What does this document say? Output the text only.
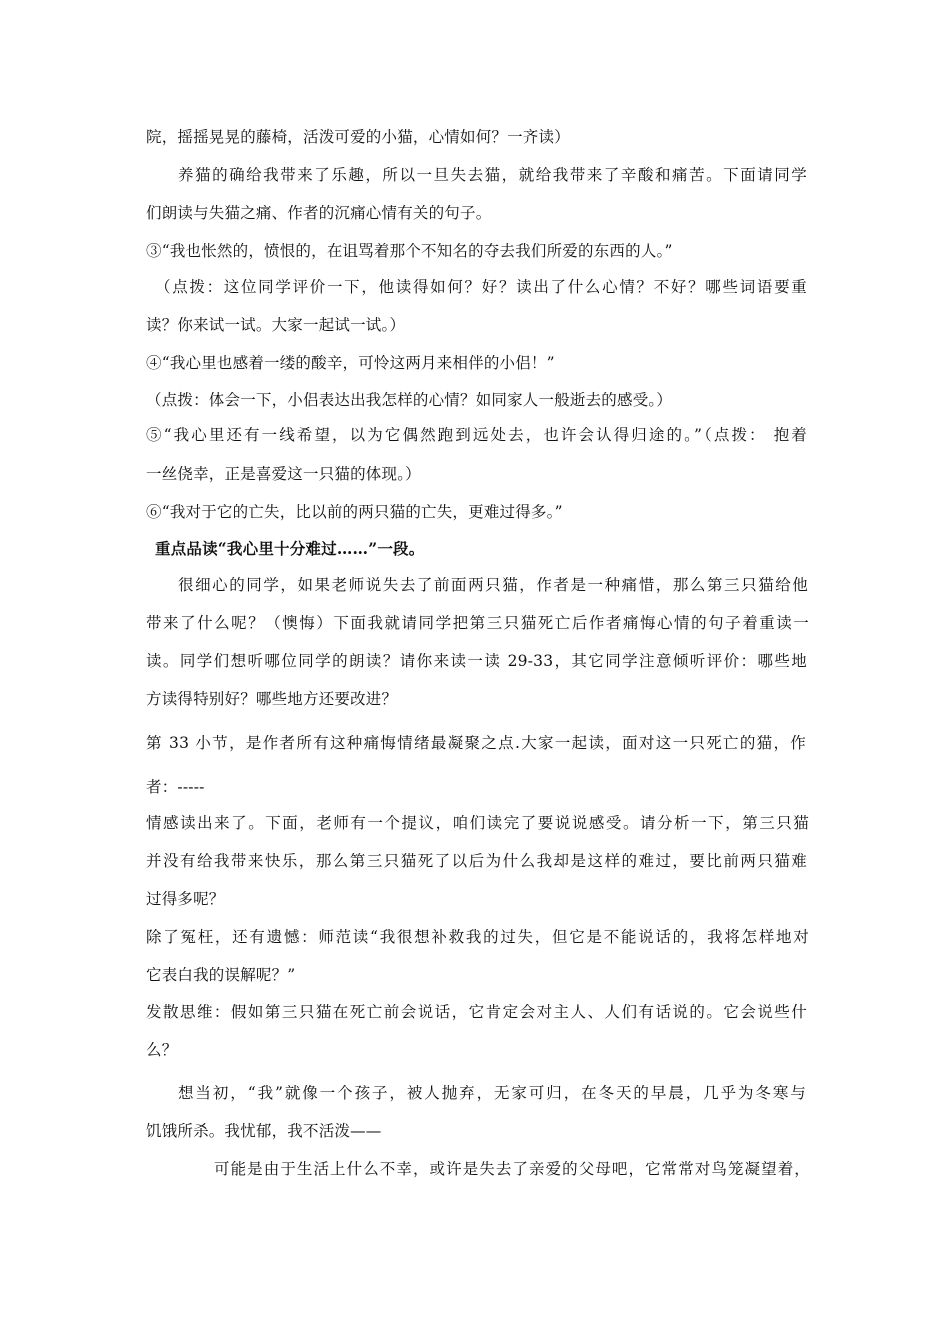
院，摇摇晃晃的藤椅，活泼可爱的小猫，心情如何？一齐读）
养猫的确给我带来了乐趣，所以一旦失去猫，就给我带来了辛酸和痛苦。下面请同学
们朗读与失猫之痛、作者的沉痛心情有关的句子。
③“我也怅然的，愤恨的，在诅骂着那个不知名的夺去我们所爱的东西的人。”
（点拨：这位同学评价一下，他读得如何？好？读出了什么心情？不好？哪些词语要重
读？你来试一试。大家一起试一试。）
④“我心里也感着一缕的酸辛，可怜这两月来相伴的小侣！”
（点拨：体会一下，小侣表达出我怎样的心情？如同家人一般逝去的感受。）
⑤“我心里还有一线希望，以为它偶然跑到远处去，也许会认得归途的。”（点拨： 抱着
一丝侥幸，正是喜爱这一只猫的体现。）
⑥“我对于它的亡失，比以前的两只猫的亡失，更难过得多。”
重点品读“我心里十分难过……”一段。
很细心的同学，如果老师说失去了前面两只猫，作者是一种痛惜，那么第三只猫给他
带来了什么呢？（懊悔）下面我就请同学把第三只猫死亡后作者痛悔心情的句子着重读一
读。同学们想听哪位同学的朗读？请你来读一读 29-33，其它同学注意倾听评价：哪些地
方读得特别好？哪些地方还要改进？
第 33 小节，是作者所有这种痛悔情绪最凝聚之点.大家一起读，面对这一只死亡的猫，作
者：-----
情感读出来了。下面，老师有一个提议，咱们读完了要说说感受。请分析一下，第三只猫
并没有给我带来快乐，那么第三只猫死了以后为什么我却是这样的难过，要比前两只猫难
过得多呢？
除了冤枉，还有遗憾：师范读“我很想补救我的过失，但它是不能说话的，我将怎样地对
它表白我的误解呢？”
发散思维：假如第三只猫在死亡前会说话，它肯定会对主人、人们有话说的。它会说些什
么？
想当初，“我”就像一个孩子，被人抛弃，无家可归，在冬天的早晨，几乎为冬寒与
饥饿所杀。我忧郁，我不活泼——
可能是由于生活上什么不幸，或许是失去了亲爱的父母吧，它常常对鸟笼凝望着，
